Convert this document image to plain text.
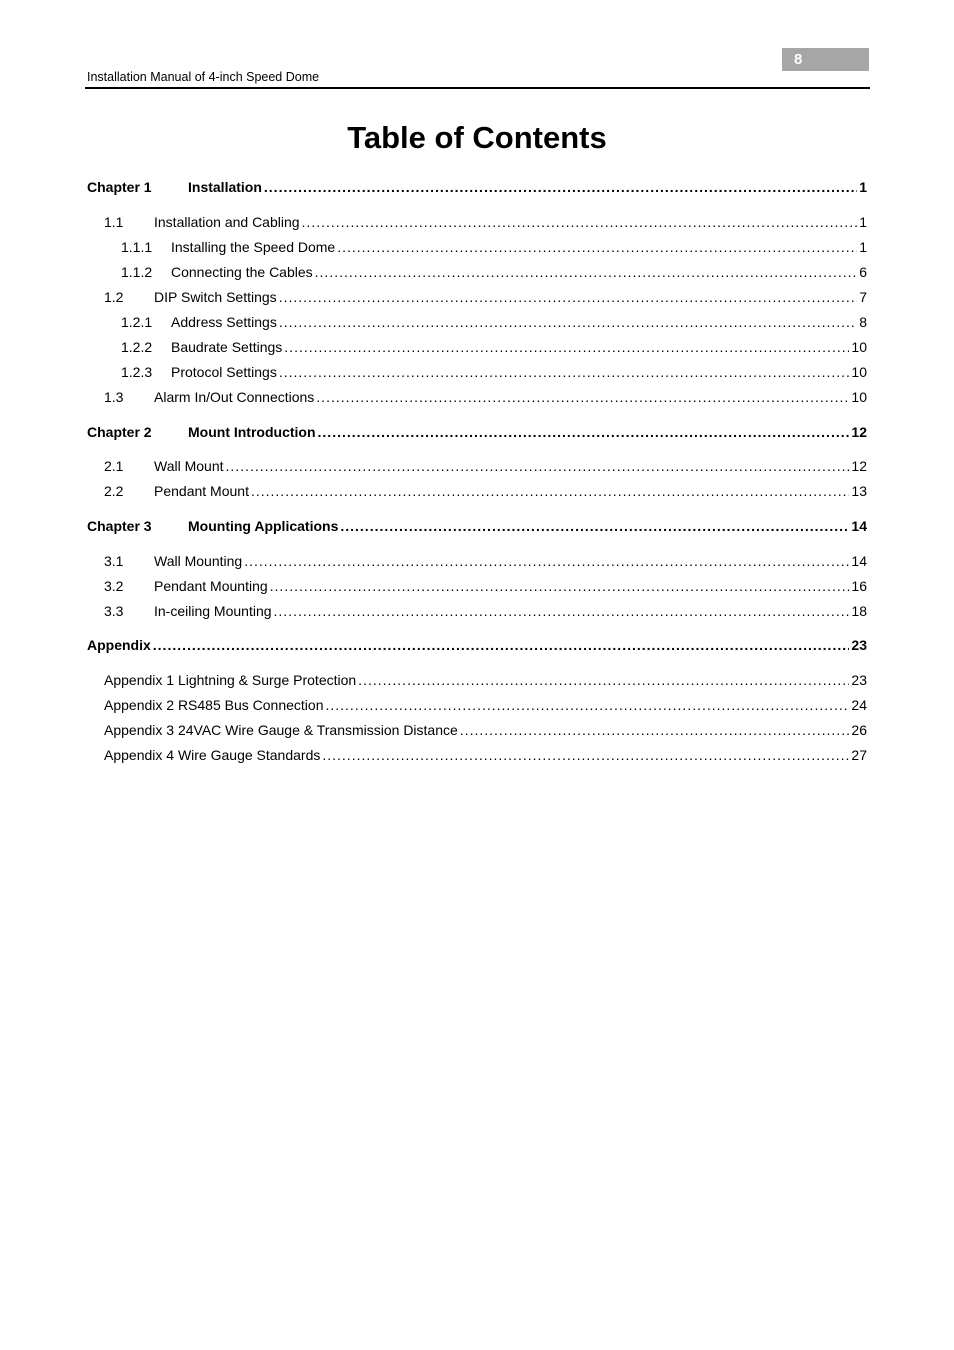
8
Installation Manual of 4-inch Speed Dome
Table of Contents
Chapter 1	Installation .....	1
1.1	Installation and Cabling .....	1
1.1.1	Installing the Speed Dome .....	1
1.1.2	Connecting the Cables .....	6
1.2	DIP Switch Settings .....	7
1.2.1	Address Settings .....	8
1.2.2	Baudrate Settings .....	10
1.2.3	Protocol Settings .....	10
1.3	Alarm In/Out Connections .....	10
Chapter 2	Mount Introduction .....	12
2.1	Wall Mount .....	12
2.2	Pendant Mount .....	13
Chapter 3	Mounting Applications .....	14
3.1	Wall Mounting .....	14
3.2	Pendant Mounting .....	16
3.3	In-ceiling Mounting .....	18
Appendix .....	23
Appendix 1 Lightning & Surge Protection .....	23
Appendix 2 RS485 Bus Connection .....	24
Appendix 3 24VAC Wire Gauge & Transmission Distance .....	26
Appendix 4 Wire Gauge Standards .....	27
